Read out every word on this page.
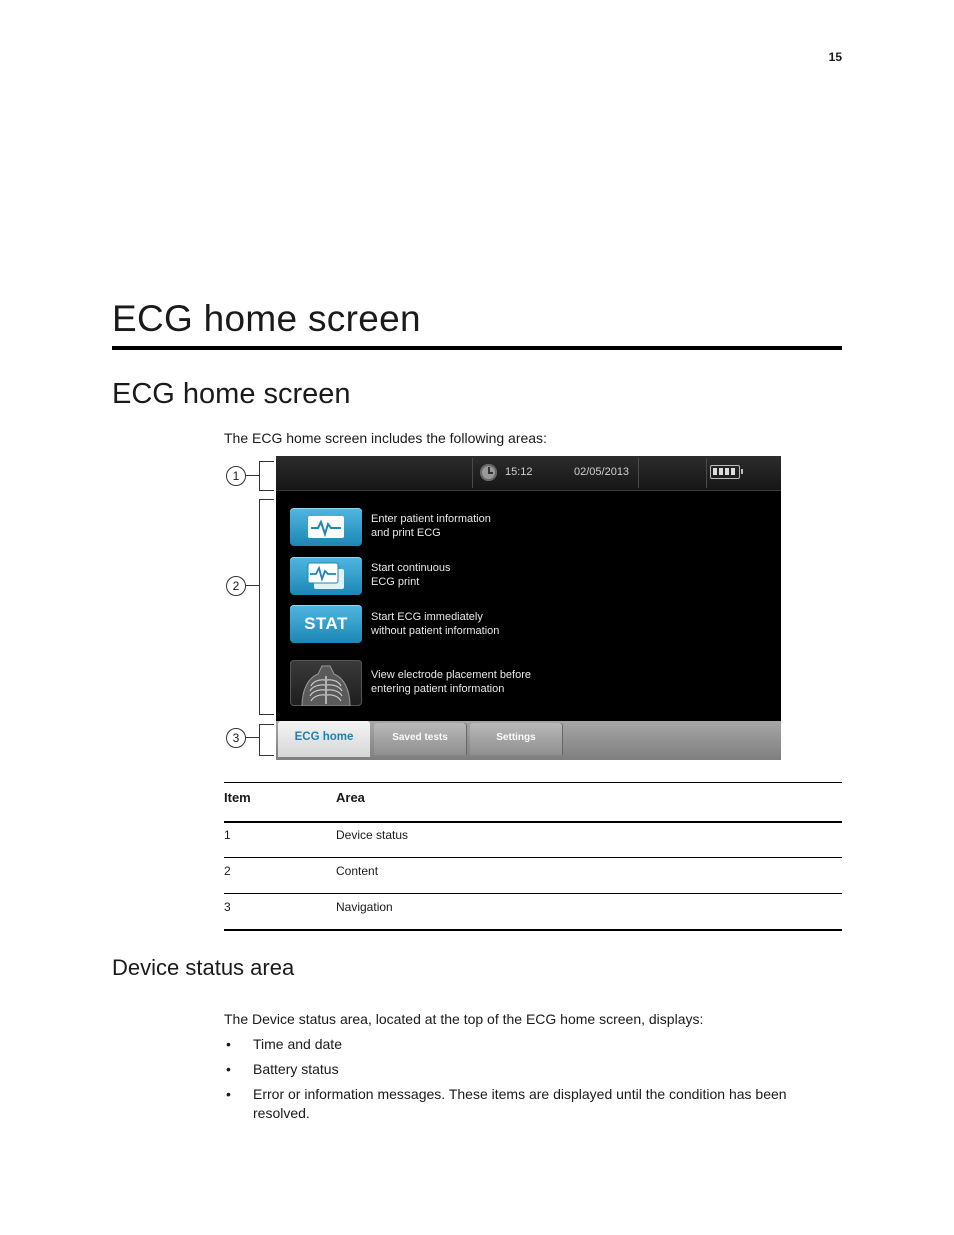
15
ECG home screen
ECG home screen

The ECG home screen includes the following areas:

1
2
3
15:12	02/05/2013
Enter patient information
and print ECG
Start continuous
ECG print
STAT	Start ECG immediately
without patient information
View electrode placement before
entering patient information
ECG home	Saved tests	Settings
Item	Area
1	Device status
2	Content
3	Navigation
Device status area

The Device status area, located at the top of the ECG home screen, displays:

• Time and date
• Battery status
• Error or information messages. These items are displayed until the condition has been resolved.
